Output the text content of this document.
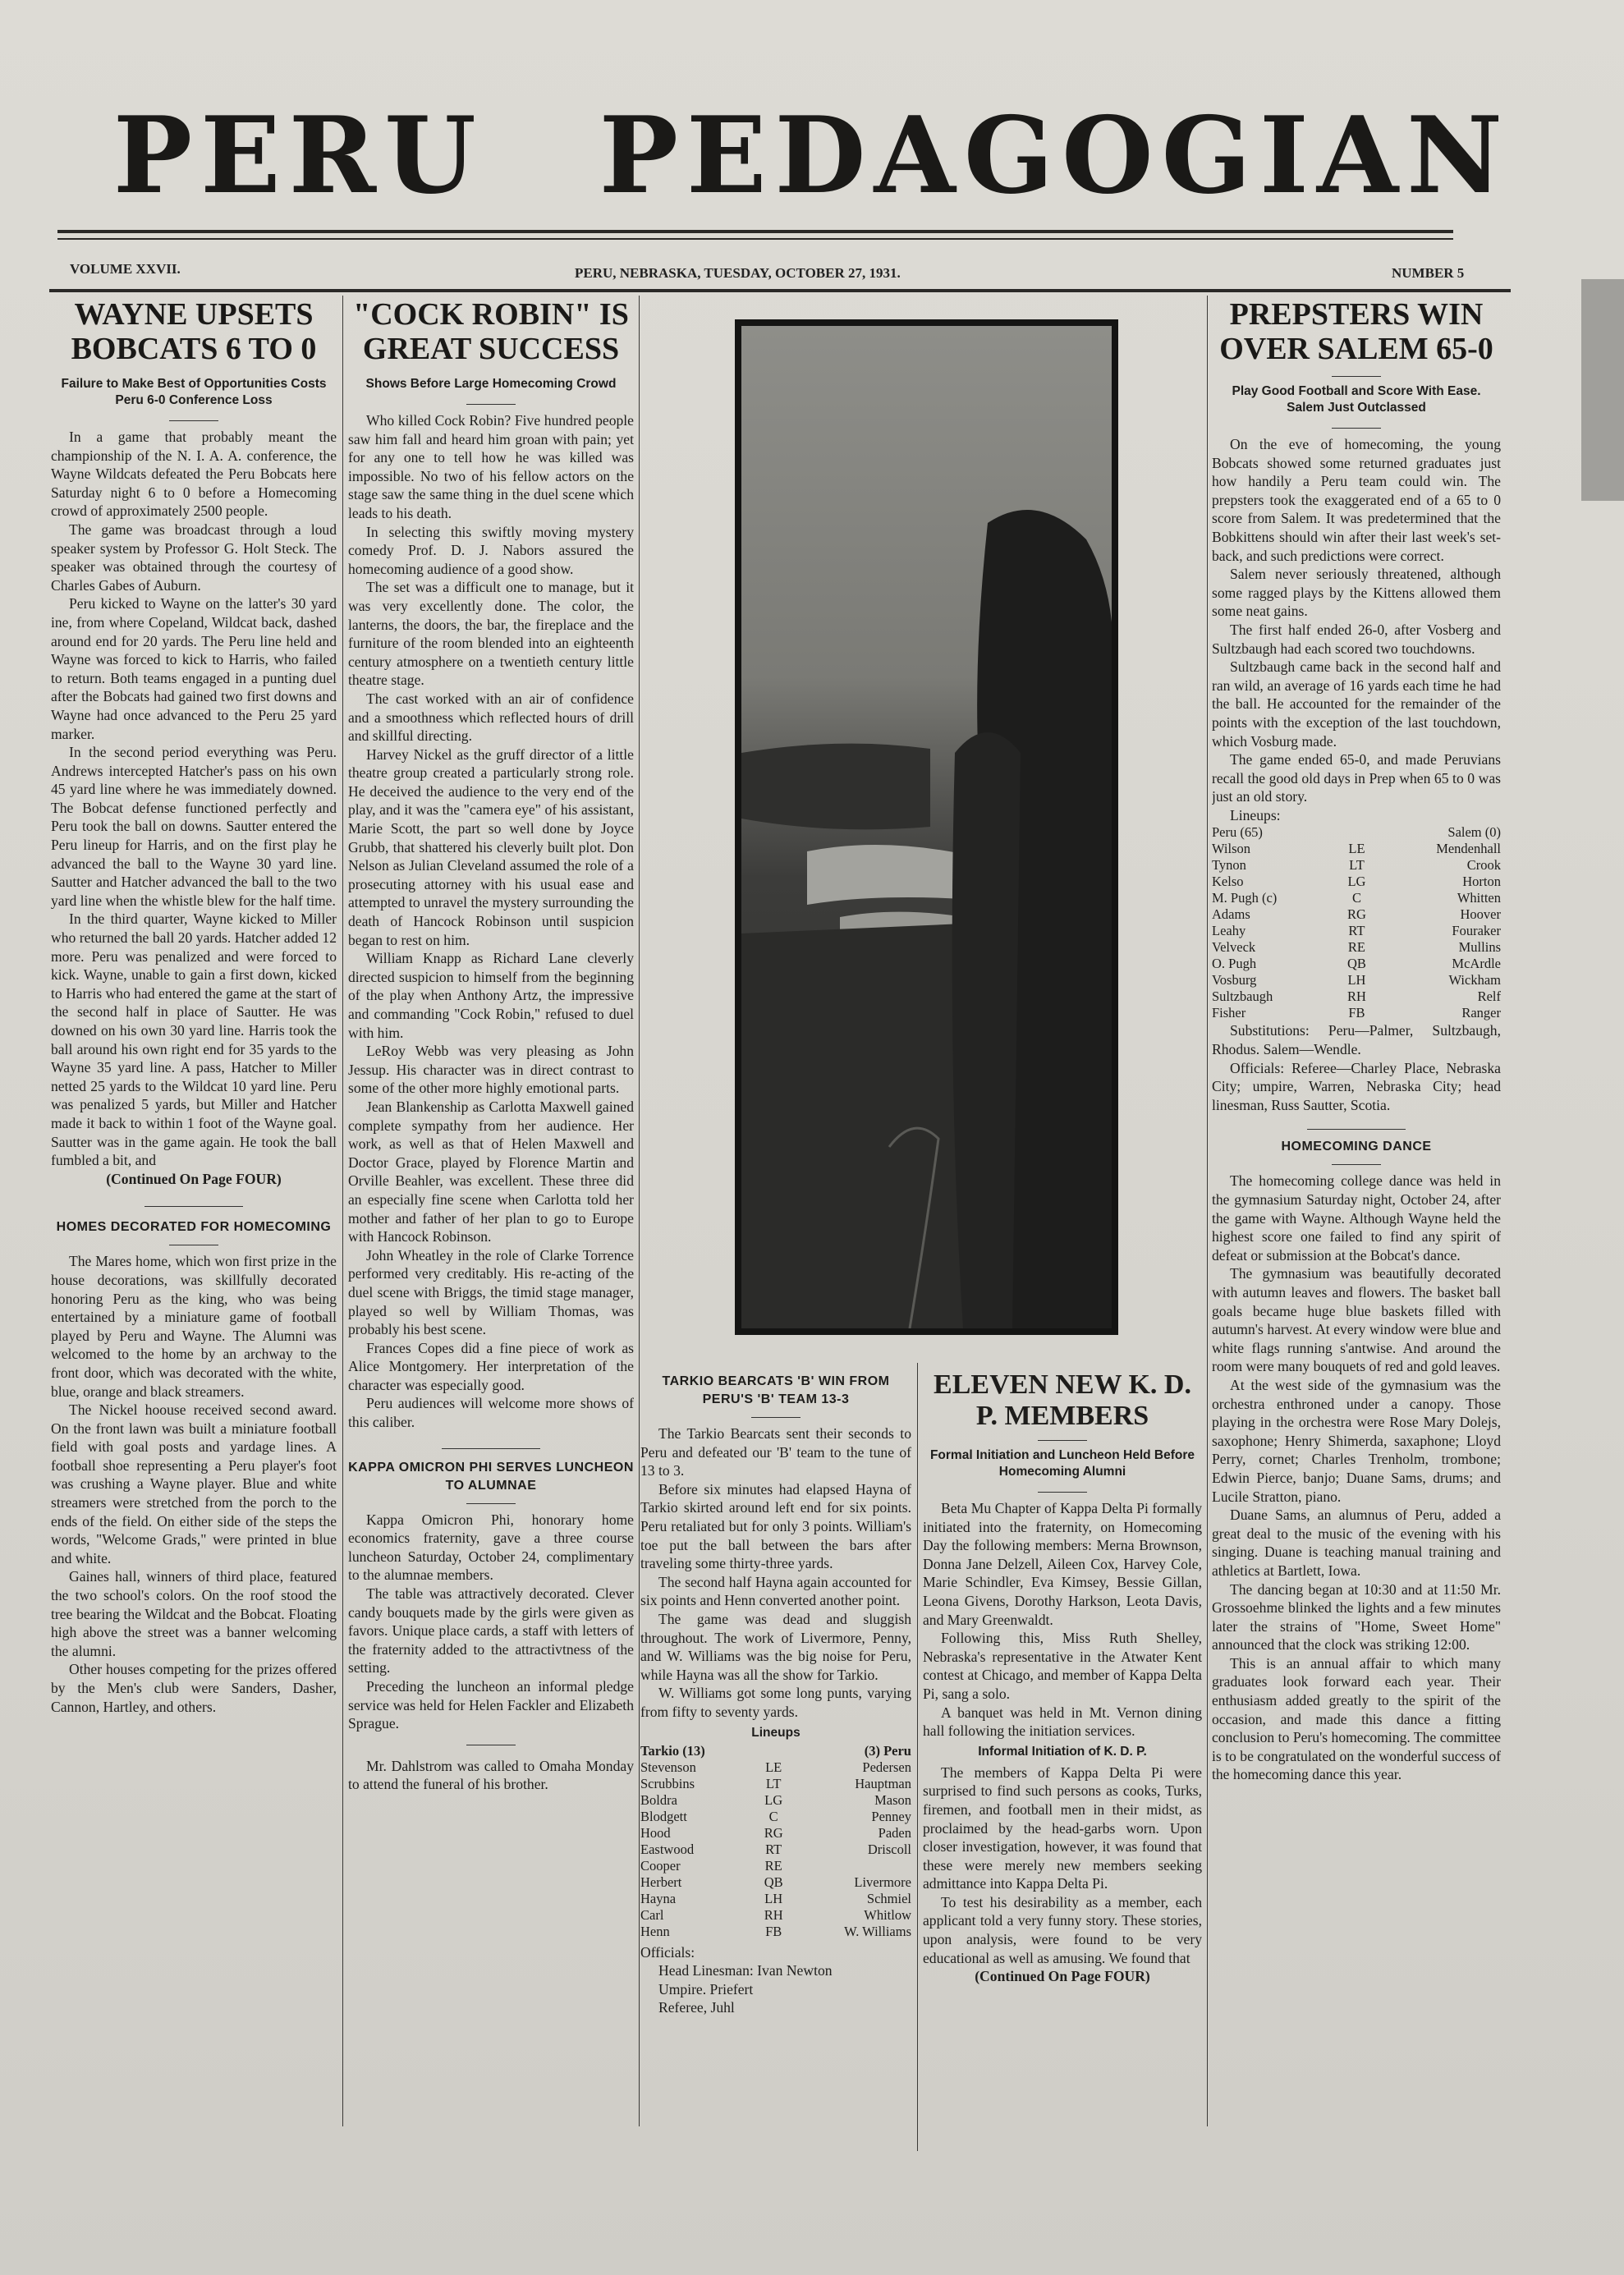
PERU PEDAGOGIAN
VOLUME XXVII.	PERU, NEBRASKA, TUESDAY, OCTOBER 27, 1931.	NUMBER 5
WAYNE UPSETS BOBCATS 6 TO 0
Failure to Make Best of Opportunities Costs Peru 6-0 Conference Loss

In a game that probably meant the championship of the N. I. A. A. conference, the Wayne Wildcats defeated the Peru Bobcats here Saturday night 6 to 0 before a Homecoming crowd of approximately 2500 people.

The game was broadcast through a loud speaker system by Professor G. Holt Steck. The speaker was obtained through the courtesy of Charles Gabes of Auburn.

Peru kicked to Wayne on the latter's 30 yard ine, from where Copeland, Wildcat back, dashed around end for 20 yards. The Peru line held and Wayne was forced to kick to Harris, who failed to return. Both teams engaged in a punting duel after the Bobcats had gained two first downs and Wayne had once advanced to the Peru 25 yard marker.

In the second period everything was Peru. Andrews intercepted Hatcher's pass on his own 45 yard line where he was immediately downed. The Bobcat defense functioned perfectly and Peru took the ball on downs. Sautter entered the Peru lineup for Harris, and on the first play he advanced the ball to the Wayne 30 yard line. Sautter and Hatcher advanced the ball to the two yard line when the whistle blew for the half time.

In the third quarter, Wayne kicked to Miller who returned the ball 20 yards. Hatcher added 12 more. Peru was penalized and were forced to kick. Wayne, unable to gain a first down, kicked to Harris who had entered the game at the start of the second half in place of Sautter. He was downed on his own 30 yard line. Harris took the ball around his own right end for 35 yards to the Wayne 35 yard line. A pass, Hatcher to Miller netted 25 yards to the Wildcat 10 yard line. Peru was penalized 5 yards, but Miller and Hatcher made it back to within 1 foot of the Wayne goal. Sautter was in the game again. He took the ball fumbled a bit, and

(Continued On Page FOUR)

HOMES DECORATED FOR HOMECOMING

The Mares home, which won first prize in the house decorations, was skillfully decorated honoring Peru as the king, who was being entertained by a miniature game of football played by Peru and Wayne. The Alumni was welcomed to the home by an archway to the front door, which was decorated with the white, blue, orange and black streamers.

The Nickel hoouse received second award. On the front lawn was built a miniature football field with goal posts and yardage lines. A football shoe representing a Peru player's foot was crushing a Wayne player. Blue and white streamers were stretched from the porch to the ends of the field. On either side of the steps the words, "Welcome Grads," were printed in blue and white.

Gaines hall, winners of third place, featured the two school's colors. On the roof stood the tree bearing the Wildcat and the Bobcat. Floating high above the street was a banner welcoming the alumni.

Other houses competing for the prizes offered by the Men's club were Sanders, Dasher, Cannon, Hartley, and others.

"COCK ROBIN" IS GREAT SUCCESS
Shows Before Large Homecoming Crowd

Who killed Cock Robin? Five hundred people saw him fall and heard him groan with pain; yet for any one to tell how he was killed was impossible. No two of his fellow actors on the stage saw the same thing in the duel scene which leads to his death.

In selecting this swiftly moving mystery comedy Prof. D. J. Nabors assured the homecoming audience of a good show.

The set was a difficult one to manage, but it was very excellently done. The color, the lanterns, the doors, the bar, the fireplace and the furniture of the room blended into an eighteenth century atmosphere on a twentieth century little theatre stage.

The cast worked with an air of confidence and a smoothness which reflected hours of drill and skillful directing.

Harvey Nickel as the gruff director of a little theatre group created a particularly strong role. He deceived the audience to the very end of the play, and it was the "camera eye" of his assistant, Marie Scott, the part so well done by Joyce Grubb, that shattered his cleverly built plot. Don Nelson as Julian Cleveland assumed the role of a prosecuting attorney with his usual ease and attempted to unravel the mystery surrounding the death of Hancock Robinson until suspicion began to rest on him.

William Knapp as Richard Lane cleverly directed suspicion to himself from the beginning of the play when Anthony Artz, the impressive and commanding "Cock Robin," refused to duel with him.

LeRoy Webb was very pleasing as John Jessup. His character was in direct contrast to some of the other more highly emotional parts.

Jean Blankenship as Carlotta Maxwell gained complete sympathy from her audience. Her work, as well as that of Helen Maxwell and Doctor Grace, played by Florence Martin and Orville Beahler, was excellent. These three did an especially fine scene when Carlotta told her mother and father of her plan to go to Europe with Hancock Robinson.

John Wheatley in the role of Clarke Torrence performed very creditably. His re-acting of the duel scene with Briggs, the timid stage manager, played so well by William Thomas, was probably his best scene.

Frances Copes did a fine piece of work as Alice Montgomery. Her interpretation of the character was especially good.

Peru audiences will welcome more shows of this caliber.

KAPPA OMICRON PHI SERVES LUNCHEON TO ALUMNAE

Kappa Omicron Phi, honorary home economics fraternity, gave a three course luncheon Saturday, October 24, complimentary to the alumnae members.

The table was attractively decorated. Clever candy bouquets made by the girls were given as favors. Unique place cards, a staff with letters of the fraternity added to the attractivtness of the setting.

Preceding the luncheon an informal pledge service was held for Helen Fackler and Elizabeth Sprague.

Mr. Dahlstrom was called to Omaha Monday to attend the funeral of his brother.

TARKIO BEARCATS 'B' WIN FROM PERU'S 'B' TEAM 13-3

The Tarkio Bearcats sent their seconds to Peru and defeated our 'B' team to the tune of 13 to 3.

Before six minutes had elapsed Hayna of Tarkio skirted around left end for six points. Peru retaliated but for only 3 points. William's toe put the ball between the bars after traveling some thirty-three yards.

The second half Hayna again accounted for six points and Henn converted another point.

The game was dead and sluggish throughout. The work of Livermore, Penny, and W. Williams was the big noise for Peru, while Hayna was all the show for Tarkio.

W. Williams got some long punts, varying from fifty to seventy yards.

Lineups
Tarkio (13)		(3) Peru
Stevenson	LE	Pedersen
Scrubbins	LT	Hauptman
Boldra	LG	Mason
Blodgett	C	Penney
Hood	RG	Paden
Eastwood	RT	Driscoll
Cooper	RE	
Herbert	QB	Livermore
Hayna	LH	Schmiel
Carl	RH	Whitlow
Henn	FB	W. Williams

Officials:

Head Linesman: Ivan Newton

Umpire. Priefert

Referee, Juhl

ELEVEN NEW K. D. P. MEMBERS
Formal Initiation and Luncheon Held Before Homecoming Alumni

Beta Mu Chapter of Kappa Delta Pi formally initiated into the fraternity, on Homecoming Day the following members: Merna Brownson, Donna Jane Delzell, Aileen Cox, Harvey Cole, Marie Schindler, Eva Kimsey, Bessie Gillan, Leona Givens, Dorothy Harkson, Leota Davis, and Mary Greenwaldt.

Following this, Miss Ruth Shelley, Nebraska's representative in the Atwater Kent contest at Chicago, and member of Kappa Delta Pi, sang a solo.

A banquet was held in Mt. Vernon dining hall following the initiation services.

Informal Initiation of K. D. P.

The members of Kappa Delta Pi were surprised to find such persons as cooks, Turks, firemen, and football men in their midst, as proclaimed by the head-garbs worn. Upon closer investigation, however, it was found that these were merely new members seeking admittance into Kappa Delta Pi.

To test his desirability as a member, each applicant told a very funny story. These stories, upon analysis, were found to be very educational as well as amusing. We found that

(Continued On Page FOUR)

PREPSTERS WIN OVER SALEM 65-0
Play Good Football and Score With Ease. Salem Just Outclassed

On the eve of homecoming, the young Bobcats showed some returned graduates just how handily a Peru team could win. The prepsters took the exaggerated end of a 65 to 0 score from Salem. It was predetermined that the Bobkittens should win after their last week's set-back, and such predictions were correct.

Salem never seriously threatened, although some ragged plays by the Kittens allowed them some neat gains.

The first half ended 26-0, after Vosberg and Sultzbaugh had each scored two touchdowns.

Sultzbaugh came back in the second half and ran wild, an average of 16 yards each time he had the ball. He accounted for the remainder of the points with the exception of the last touchdown, which Vosburg made.

The game ended 65-0, and made Peruvians recall the good old days in Prep when 65 to 0 was just an old story.

Lineups:

Peru (65)		Salem (0)
Wilson	LE	Mendenhall
Tynon	LT	Crook
Kelso	LG	Horton
M. Pugh (c)	C	Whitten
Adams	RG	Hoover
Leahy	RT	Fouraker
Velveck	RE	Mullins
O. Pugh	QB	McArdle
Vosburg	LH	Wickham
Sultzbaugh	RH	Relf
Fisher	FB	Ranger

Substitutions: Peru—Palmer, Sultzbaugh, Rhodus. Salem—Wendle.

Officials: Referee—Charley Place, Nebraska City; umpire, Warren, Nebraska City; head linesman, Russ Sautter, Scotia.

HOMECOMING DANCE

The homecoming college dance was held in the gymnasium Saturday night, October 24, after the game with Wayne. Although Wayne held the highest score one failed to find any spirit of defeat or submission at the Bobcat's dance.

The gymnasium was beautifully decorated with autumn leaves and flowers. The basket ball goals became huge blue baskets filled with autumn's harvest. At every window were blue and white flags running s'antwise. And around the room were many bouquets of red and gold leaves.

At the west side of the gymnasium was the orchestra enthroned under a canopy. Those playing in the orchestra were Rose Mary Dolejs, saxophone; Henry Shimerda, saxaphone; Lloyd Perry, cornet; Charles Trenholm, trombone; Edwin Pierce, banjo; Duane Sams, drums; and Lucile Stratton, piano.

Duane Sams, an alumnus of Peru, added a great deal to the music of the evening with his singing. Duane is teaching manual training and athletics at Bartlett, Iowa.

The dancing began at 10:30 and at 11:50 Mr. Grossoehme blinked the lights and a few minutes later the strains of "Home, Sweet Home" announced that the clock was striking 12:00.

This is an annual affair to which many graduates look forward each year. Their enthusiasm added greatly to the spirit of the occasion, and made this dance a fitting conclusion to Peru's homecoming. The committee is to be congratulated on the wonderful success of the homecoming dance this year.
